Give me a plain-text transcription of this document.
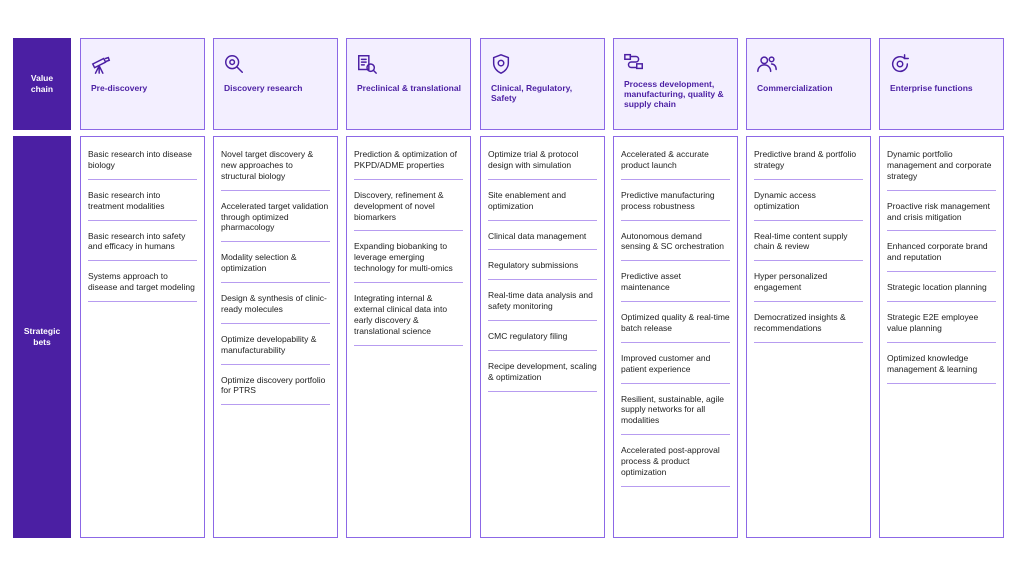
Value
chain
Strategic
bets
Pre-discovery
Basic research into disease biology
Basic research into treatment modalities
Basic research into safety and efficacy in humans
Systems approach to disease and target modeling
Discovery research
Novel target discovery & new approaches to structural biology
Accelerated target validation through optimized pharmacology
Modality selection & optimization
Design & synthesis of clinic-ready molecules
Optimize developability & manufacturability
Optimize discovery portfolio for PTRS
Preclinical & translational
Prediction & optimization of PKPD/ADME properties
Discovery, refinement & development of novel biomarkers
Expanding biobanking to leverage emerging technology for multi-omics
Integrating internal & external clinical data into early discovery & translational science
Clinical, Regulatory, Safety
Optimize trial & protocol design with simulation
Site enablement and optimization
Clinical data management
Regulatory submissions
Real-time data analysis and safety monitoring
CMC regulatory filing
Recipe development, scaling & optimization
Process development, manufacturing, quality & supply chain
Accelerated & accurate product launch
Predictive manufacturing process robustness
Autonomous demand sensing & SC orchestration
Predictive asset maintenance
Optimized quality & real-time batch release
Improved customer and patient experience
Resilient, sustainable, agile supply networks for all modalities
Accelerated post-approval process & product optimization
Commercialization
Predictive brand & portfolio strategy
Dynamic access optimization
Real-time content supply chain & review
Hyper personalized engagement
Democratized insights & recommendations
Enterprise functions
Dynamic portfolio management and corporate strategy
Proactive risk management and crisis mitigation
Enhanced corporate brand and reputation
Strategic location planning
Strategic E2E employee value planning
Optimized knowledge management & learning
